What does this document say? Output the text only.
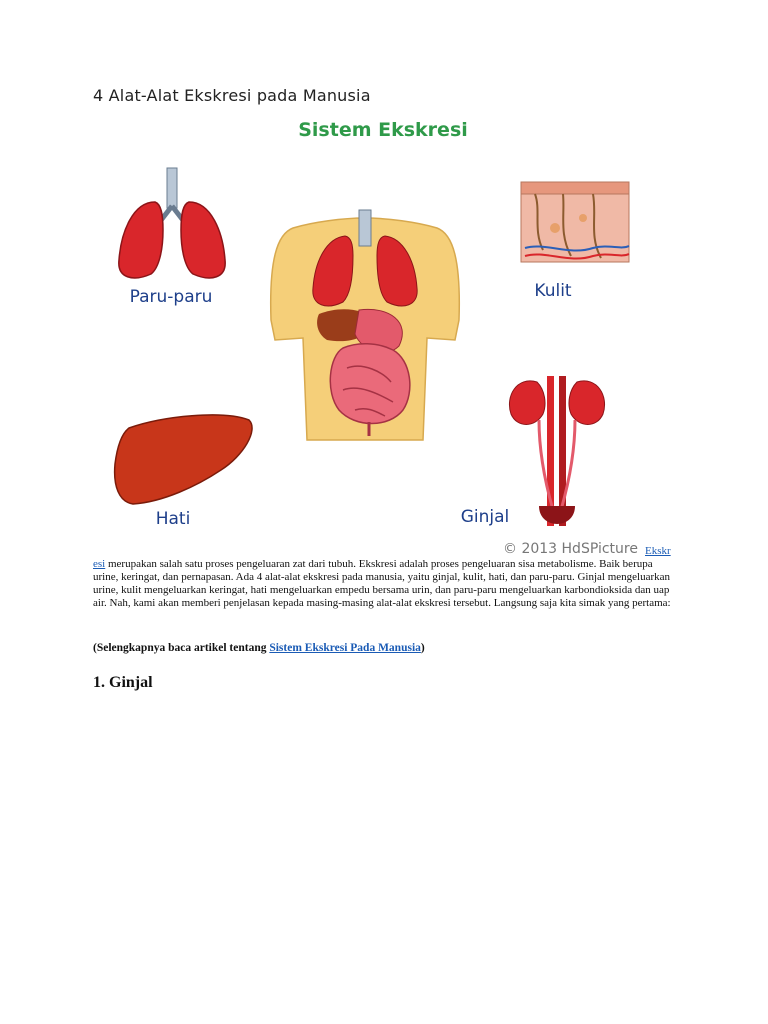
4 Alat-Alat Ekskresi pada Manusia
Sistem Ekskresi
Paru-paru	Kulit
Hati	Ginjal
© 2013 HdSPicture Ekskr
esi merupakan salah satu proses pengeluaran zat dari tubuh. Ekskresi adalah proses pengeluaran sisa metabolisme. Baik berupa urine, keringat, dan pernapasan. Ada 4 alat-alat ekskresi pada manusia, yaitu ginjal, kulit, hati, dan paru-paru. Ginjal mengeluarkan urine, kulit mengeluarkan keringat, hati mengeluarkan empedu bersama urin, dan paru-paru mengeluarkan karbondioksida dan uap air. Nah, kami akan memberi penjelasan kepada masing-masing alat-alat ekskresi tersebut. Langsung saja kita simak yang pertama:
(Selengkapnya baca artikel tentang Sistem Ekskresi Pada Manusia)
1. Ginjal
